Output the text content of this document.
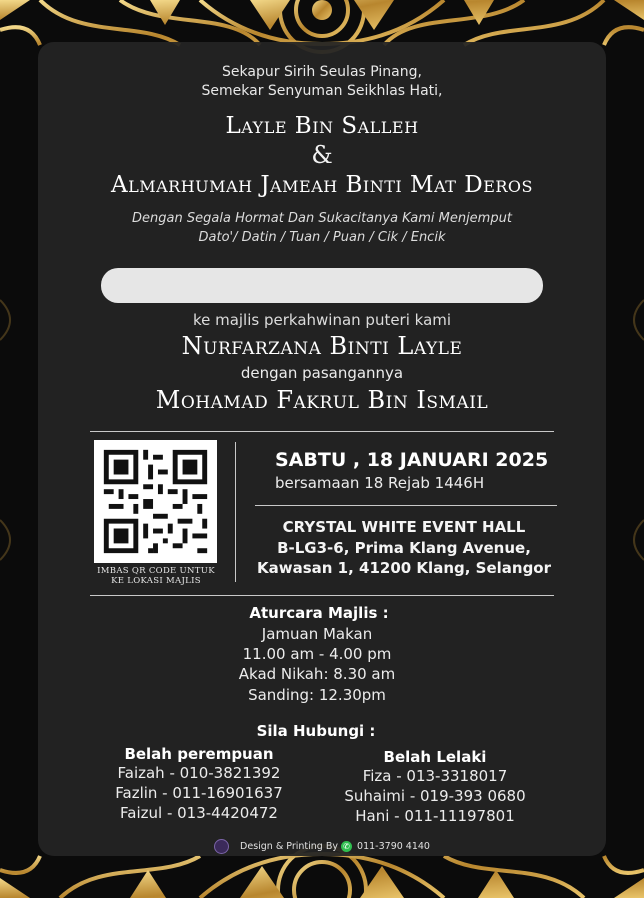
Sekapur Sirih Seulas Pinang,
Semekar Senyuman Seikhlas Hati,
Layle Bin Salleh
&
Almarhumah Jameah Binti Mat Deros
Dengan Segala Hormat Dan Sukacitanya Kami Menjemput
Dato'/ Datin / Tuan / Puan / Cik / Encik
ke majlis perkahwinan puteri kami
Nurfarzana Binti Layle
dengan pasangannya
Mohamad Fakrul Bin Ismail
IMBAS QR CODE UNTUK
KE LOKASI MAJLIS
SABTU , 18 JANUARI 2025
bersamaan 18 Rejab 1446H
CRYSTAL WHITE EVENT HALL
B-LG3-6, Prima Klang Avenue,
Kawasan 1, 41200 Klang, Selangor
Aturcara Majlis :
Jamuan Makan
11.00 am - 4.00 pm
Akad Nikah: 8.30 am
Sanding: 12.30pm
Sila Hubungi :
Belah perempuan
Faizah - 010-3821392
Fazlin - 011-16901637
Faizul - 013-4420472
Belah Lelaki
Fiza - 013-3318017
Suhaimi - 019-393 0680
Hani - 011-11197801
Design & Printing By ✆ 011-3790 4140
